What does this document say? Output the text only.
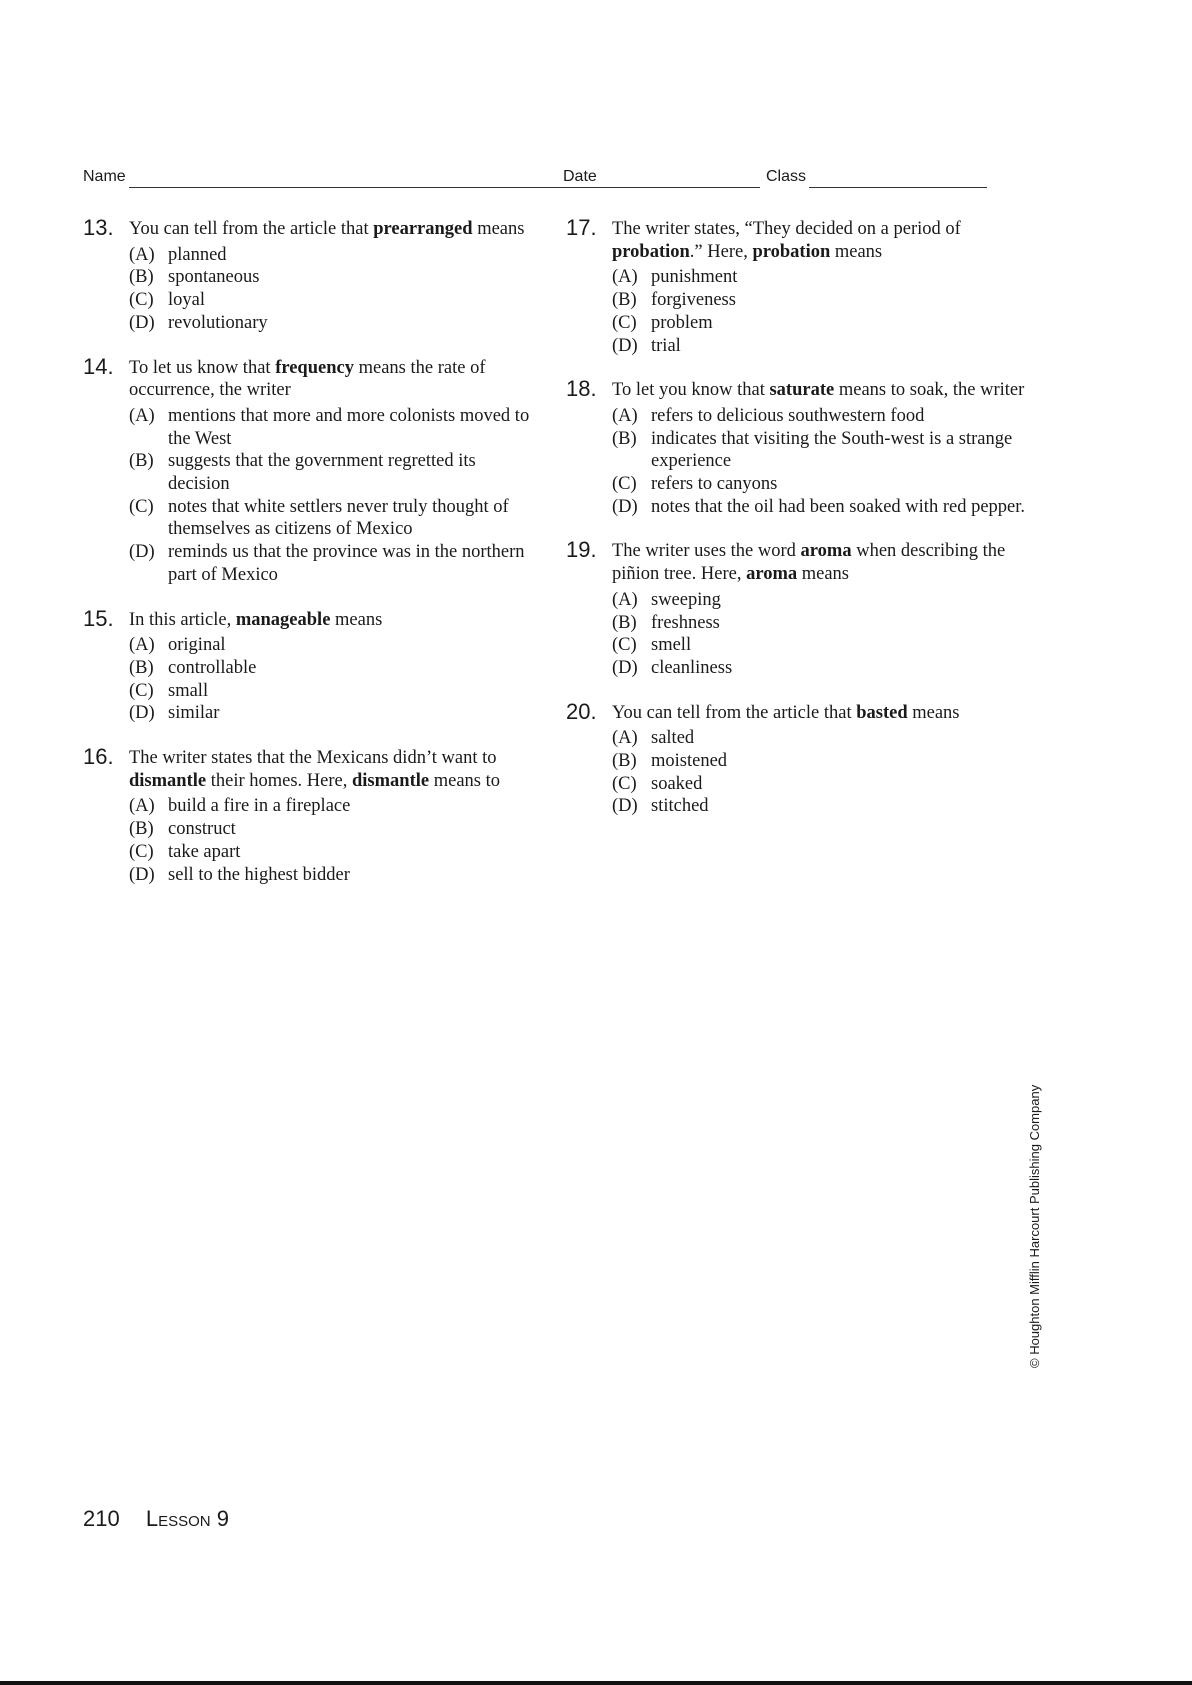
Name	Date	Class
13. You can tell from the article that prearranged means
(A) planned
(B) spontaneous
(C) loyal
(D) revolutionary
14. To let us know that frequency means the rate of occurrence, the writer
(A) mentions that more and more colonists moved to the West
(B) suggests that the government regretted its decision
(C) notes that white settlers never truly thought of themselves as citizens of Mexico
(D) reminds us that the province was in the northern part of Mexico
15. In this article, manageable means
(A) original
(B) controllable
(C) small
(D) similar
16. The writer states that the Mexicans didn’t want to dismantle their homes. Here, dismantle means to
(A) build a fire in a fireplace
(B) construct
(C) take apart
(D) sell to the highest bidder
17. The writer states, “They decided on a period of probation.” Here, probation means
(A) punishment
(B) forgiveness
(C) problem
(D) trial
18. To let you know that saturate means to soak, the writer
(A) refers to delicious southwestern food
(B) indicates that visiting the South-west is a strange experience
(C) refers to canyons
(D) notes that the oil had been soaked with red pepper.
19. The writer uses the word aroma when describing the piñion tree. Here, aroma means
(A) sweeping
(B) freshness
(C) smell
(D) cleanliness
20. You can tell from the article that basted means
(A) salted
(B) moistened
(C) soaked
(D) stitched
210 Lesson 9
© Houghton Mifflin Harcourt Publishing Company
